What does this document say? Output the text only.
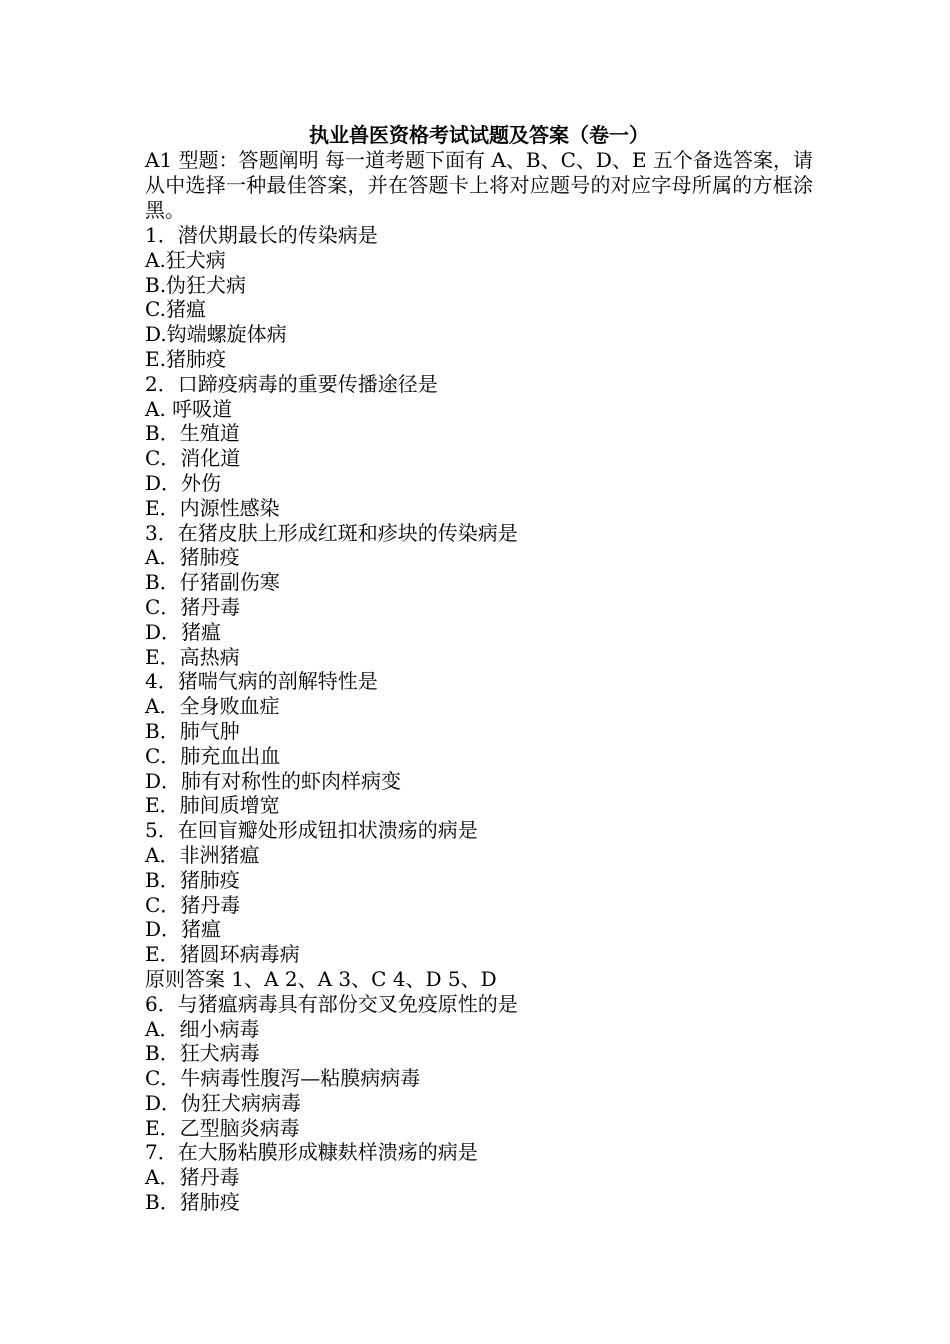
执业兽医资格考试试题及答案（卷一）
A1 型题：答题阐明 每一道考题下面有 A、B、C、D、E 五个备选答案，请从中选择一种最佳答案，并在答题卡上将对应题号的对应字母所属的方框涂黑。
1．潜伏期最长的传染病是
A.狂犬病
B.伪狂犬病
C.猪瘟
D.钩端螺旋体病
E.猪肺疫
2．口蹄疫病毒的重要传播途径是
A. 呼吸道
B．生殖道
C．消化道
D．外伤
E．内源性感染
3．在猪皮肤上形成红斑和疹块的传染病是
A．猪肺疫
B．仔猪副伤寒
C．猪丹毒
D．猪瘟
E．高热病
4．猪喘气病的剖解特性是
A．全身败血症
B．肺气肿
C．肺充血出血
D．肺有对称性的虾肉样病变
E．肺间质增宽
5．在回盲瓣处形成钮扣状溃疡的病是
A．非洲猪瘟
B．猪肺疫
C．猪丹毒
D．猪瘟
E．猪圆环病毒病
原则答案 1、A 2、A 3、C 4、D 5、D
6．与猪瘟病毒具有部份交叉免疫原性的是
A．细小病毒
B．狂犬病毒
C．牛病毒性腹泻—粘膜病病毒
D．伪狂犬病病毒
E．乙型脑炎病毒
7．在大肠粘膜形成糠麸样溃疡的病是
A．猪丹毒
B．猪肺疫
